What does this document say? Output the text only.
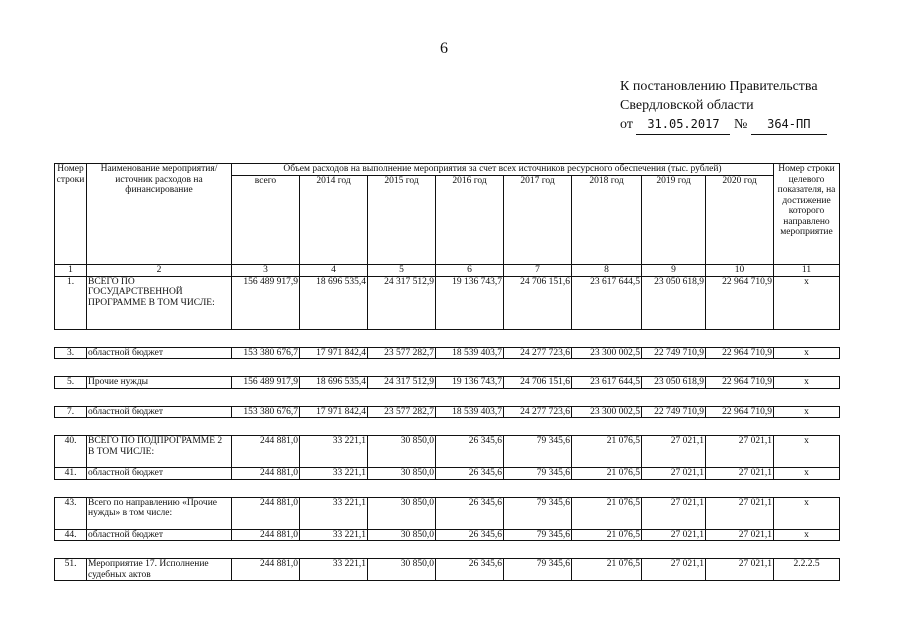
6
К постановлению Правительства
Свердловской области
от 31.05.2017 № 364-ПП
Номер строки	Наименование мероприятия/источник расходов на финансирование	Объем расходов на выполнение мероприятия за счет всех источников ресурсного обеспечения (тыс. рублей)								Номер строки целевого показателя, на достижение которого направлено мероприятие
		всего	2014 год	2015 год	2016 год	2017 год	2018 год	2019 год	2020 год	
1	2	3	4	5	6	7	8	9	10	11
1.	ВСЕГО ПО ГОСУДАРСТВЕННОЙ ПРОГРАММЕ В ТОМ ЧИСЛЕ:	156 489 917,9	18 696 535,4	24 317 512,9	19 136 743,7	24 706 151,6	23 617 644,5	23 050 618,9	22 964 710,9	x

3.	областной бюджет	153 380 676,7	17 971 842,4	23 577 282,7	18 539 403,7	24 277 723,6	23 300 002,5	22 749 710,9	22 964 710,9	x

5.	Прочие нужды	156 489 917,9	18 696 535,4	24 317 512,9	19 136 743,7	24 706 151,6	23 617 644,5	23 050 618,9	22 964 710,9	x

7.	областной бюджет	153 380 676,7	17 971 842,4	23 577 282,7	18 539 403,7	24 277 723,6	23 300 002,5	22 749 710,9	22 964 710,9	x

40.	ВСЕГО ПО ПОДПРОГРАММЕ 2 В ТОМ ЧИСЛЕ:	244 881,0	33 221,1	30 850,0	26 345,6	79 345,6	21 076,5	27 021,1	27 021,1	x
41.	областной бюджет	244 881,0	33 221,1	30 850,0	26 345,6	79 345,6	21 076,5	27 021,1	27 021,1	x

43.	Всего по направлению «Прочие нужды» в том числе:	244 881,0	33 221,1	30 850,0	26 345,6	79 345,6	21 076,5	27 021,1	27 021,1	x
44.	областной бюджет	244 881,0	33 221,1	30 850,0	26 345,6	79 345,6	21 076,5	27 021,1	27 021,1	x

51.	Мероприятие 17. Исполнение судебных актов	244 881,0	33 221,1	30 850,0	26 345,6	79 345,6	21 076,5	27 021,1	27 021,1	2.2.2.5
